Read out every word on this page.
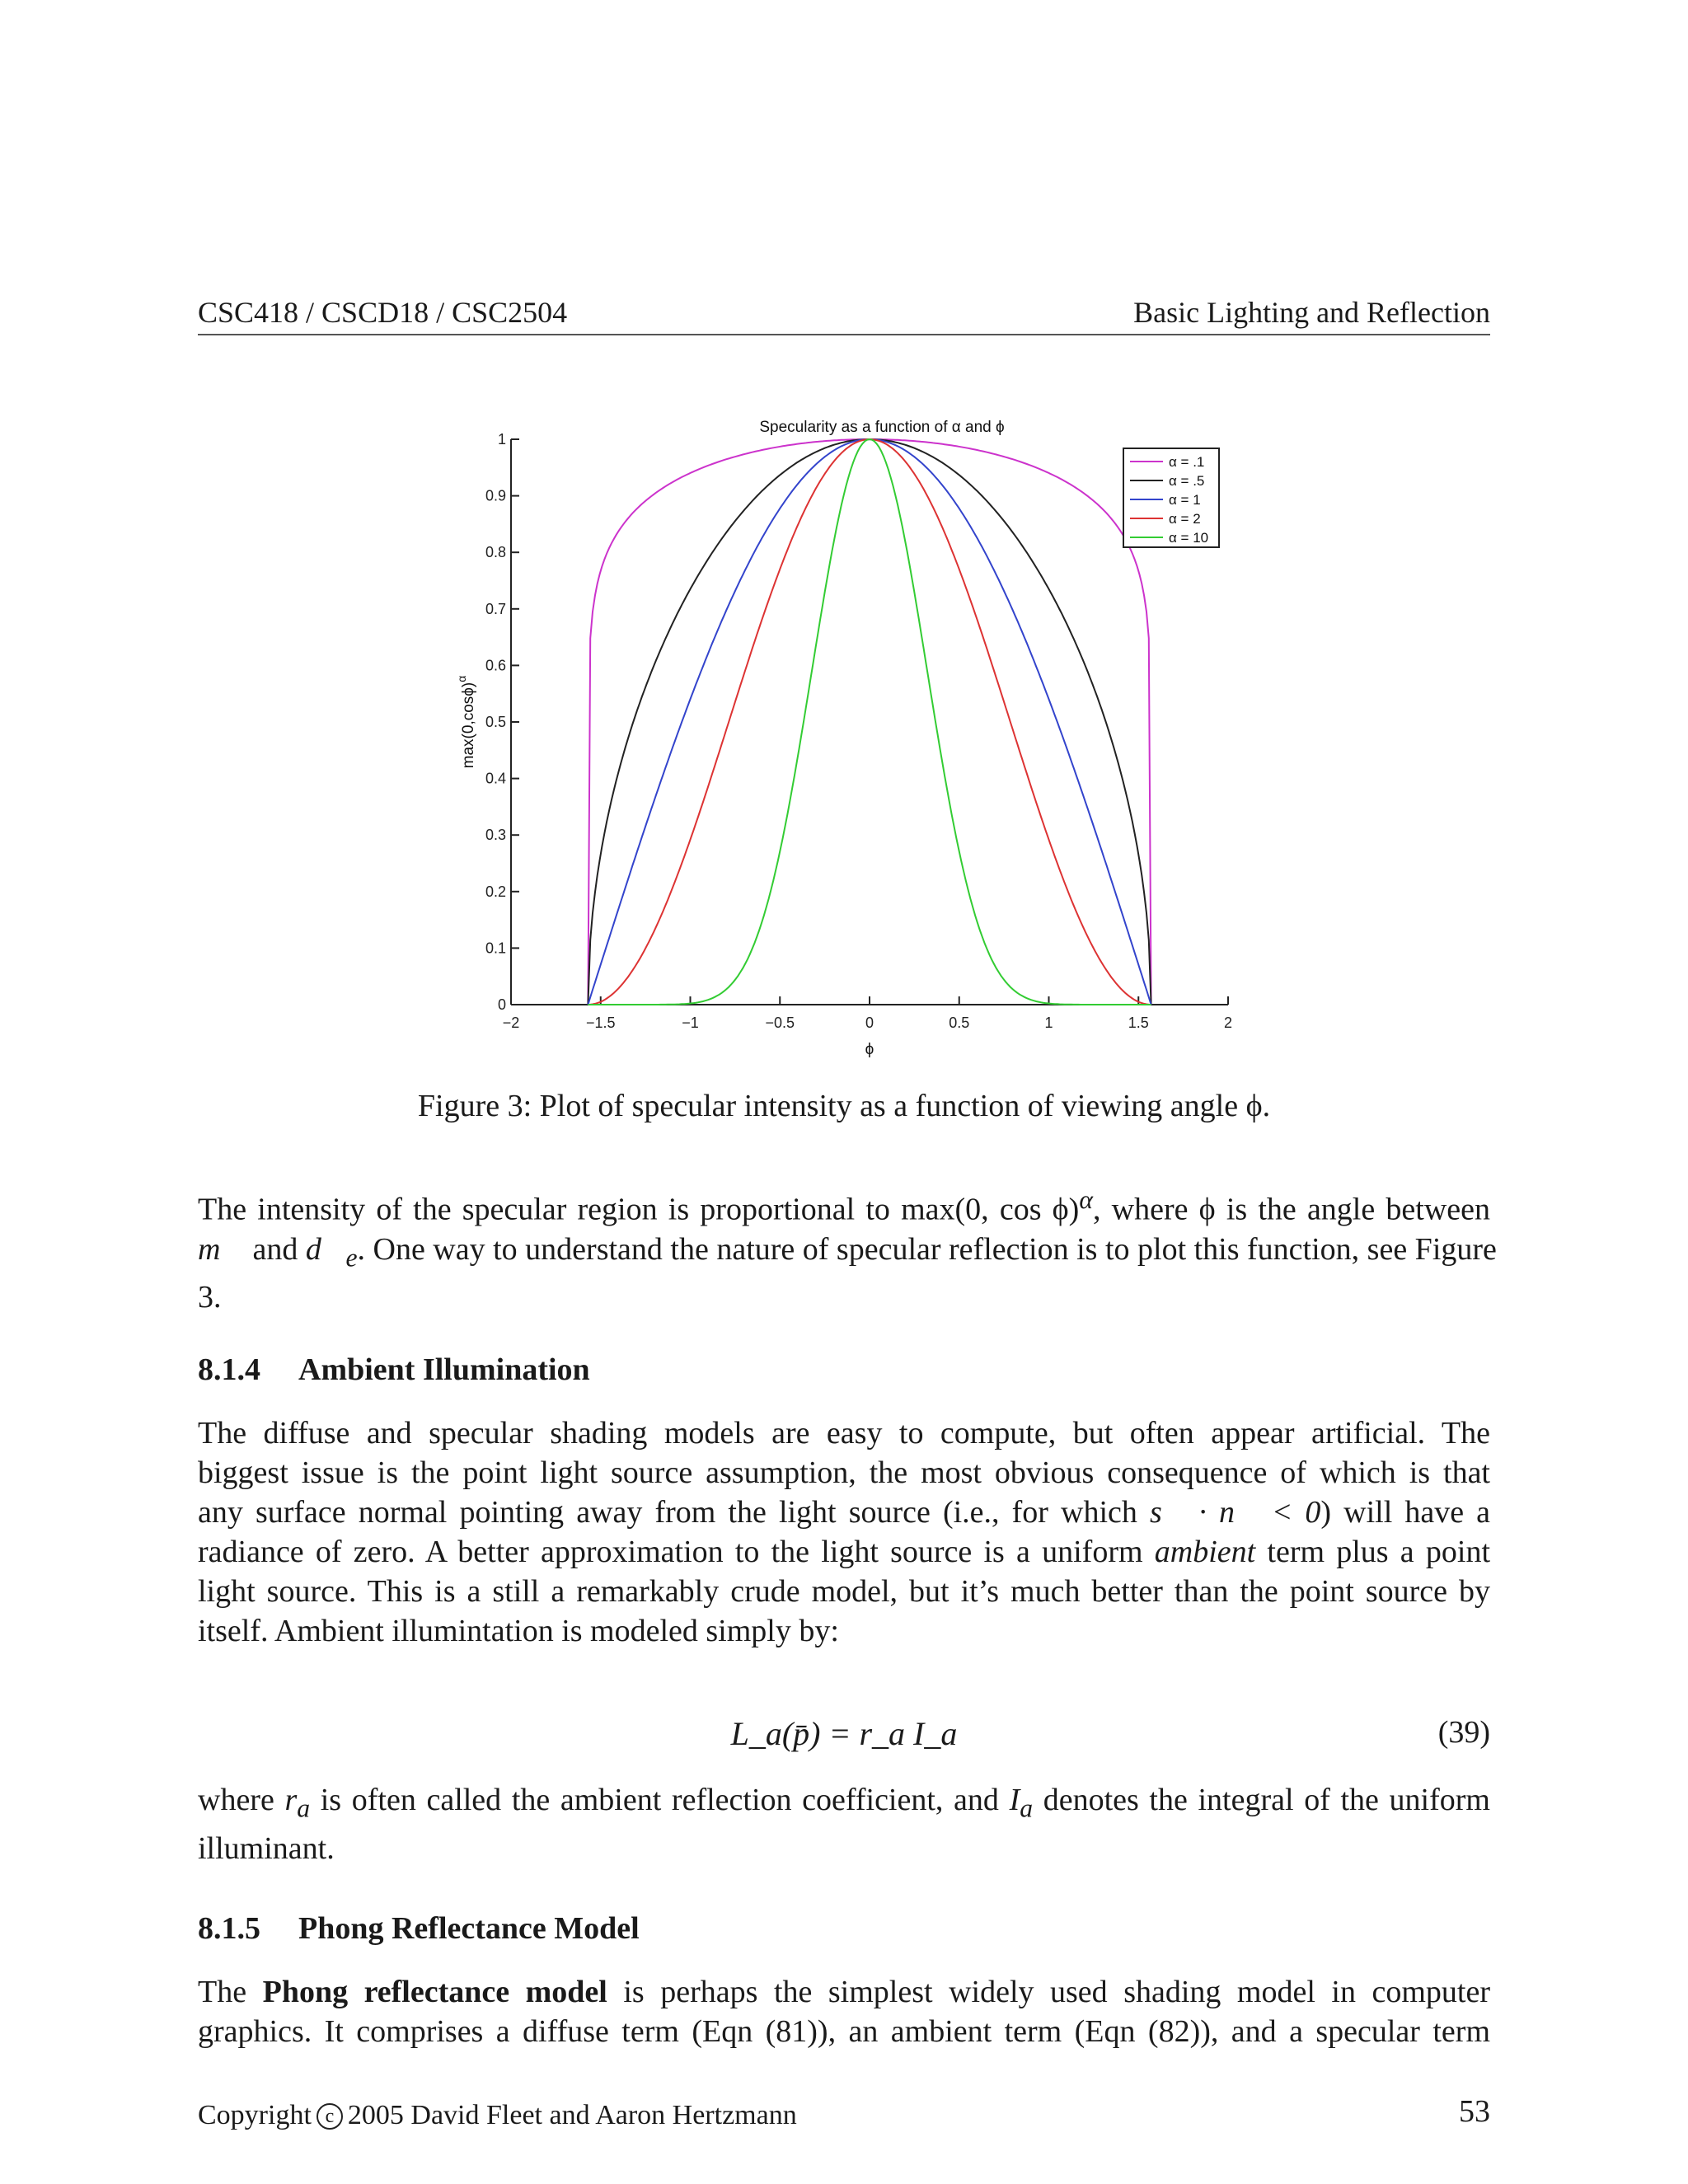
CSC418 / CSCD18 / CSC2504	Basic Lighting and Reflection
−2	−1.5	−1	−0.5	0	0.5	1	1.5	2
0
0.1
0.2
0.3
0.4
0.5
0.6
0.7
0.8
0.9
1
Specularity as a function of α and ϕ
ϕ
$\max(0,\cos\phi)^\alpha$
α = .1
α = .5
α = 1
α = 2
α = 10
Figure 3: Plot of specular intensity as a function of viewing angle ϕ.
The intensity of the specular region is proportional to max(0, cos ϕ)$^\alpha$, where ϕ is the angle between
m⃗ and $d⃗_e$. One way to understand the nature of specular reflection is to plot this function, see Figure
3.
8.1.4 Ambient Illumination
The diffuse and specular shading models are easy to compute, but often appear artificial. The
biggest issue is the point light source assumption, the most obvious consequence of which is that
any surface normal pointing away from the light source (i.e., for which s⃗ · n⃗ < 0) will have a
radiance of zero. A better approximation to the light source is a uniform ambient term plus a point
light source. This is a still a remarkably crude model, but it’s much better than the point source by
itself. Ambient illumintation is modeled simply by:
L_a(p̄) = r_a I_a	(39)
where $r_a$ is often called the ambient reflection coefficient, and $I_a$ denotes the integral of the uniform
illuminant.
8.1.5 Phong Reflectance Model
The Phong reflectance model is perhaps the simplest widely used shading model in computer
graphics. It comprises a diffuse term (Eqn (81)), an ambient term (Eqn (82)), and a specular term
Copyright c 2005 David Fleet and Aaron Hertzmann	53
